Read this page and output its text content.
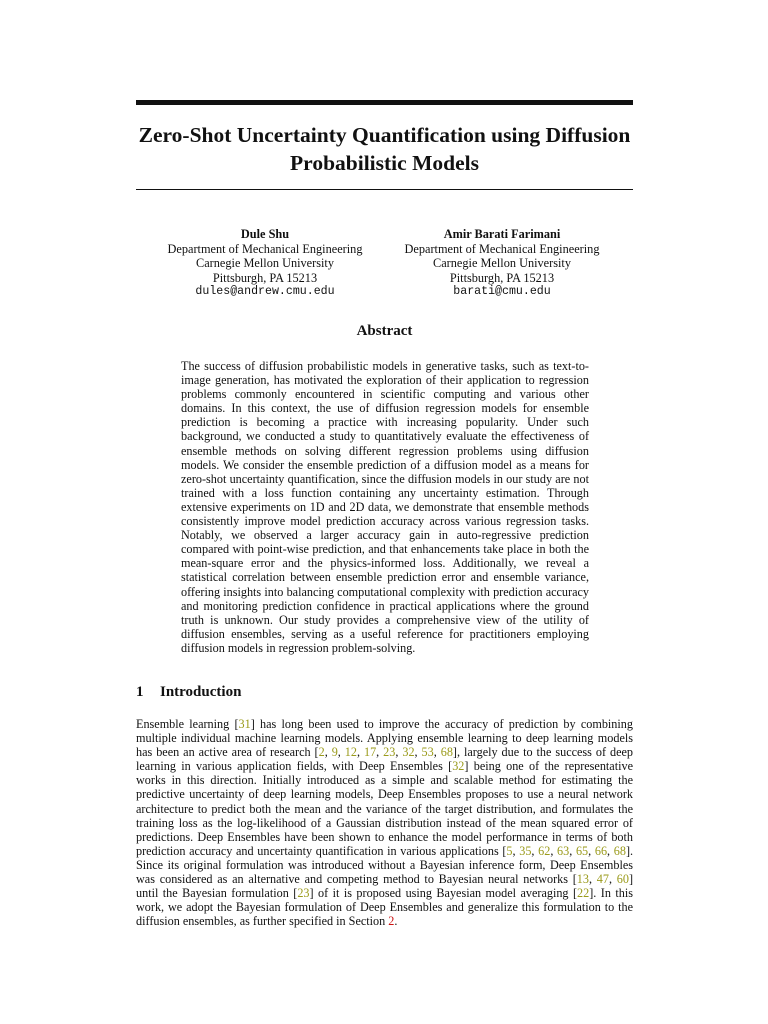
Zero-Shot Uncertainty Quantification using Diffusion Probabilistic Models
Dule Shu
Department of Mechanical Engineering
Carnegie Mellon University
Pittsburgh, PA 15213
dules@andrew.cmu.edu
Amir Barati Farimani
Department of Mechanical Engineering
Carnegie Mellon University
Pittsburgh, PA 15213
barati@cmu.edu
Abstract
The success of diffusion probabilistic models in generative tasks, such as text-to-image generation, has motivated the exploration of their application to regression problems commonly encountered in scientific computing and various other domains. In this context, the use of diffusion regression models for ensemble prediction is becoming a practice with increasing popularity. Under such background, we conducted a study to quantitatively evaluate the effectiveness of ensemble methods on solving different regression problems using diffusion models. We consider the ensemble prediction of a diffusion model as a means for zero-shot uncertainty quantification, since the diffusion models in our study are not trained with a loss function containing any uncertainty estimation. Through extensive experiments on 1D and 2D data, we demonstrate that ensemble methods consistently improve model prediction accuracy across various regression tasks. Notably, we observed a larger accuracy gain in auto-regressive prediction compared with point-wise prediction, and that enhancements take place in both the mean-square error and the physics-informed loss. Additionally, we reveal a statistical correlation between ensemble prediction error and ensemble variance, offering insights into balancing computational complexity with prediction accuracy and monitoring prediction confidence in practical applications where the ground truth is unknown. Our study provides a comprehensive view of the utility of diffusion ensembles, serving as a useful reference for practitioners employing diffusion models in regression problem-solving.
1 Introduction
Ensemble learning [31] has long been used to improve the accuracy of prediction by combining multiple individual machine learning models. Applying ensemble learning to deep learning models has been an active area of research [2, 9, 12, 17, 23, 32, 53, 68], largely due to the success of deep learning in various application fields, with Deep Ensembles [32] being one of the representative works in this direction. Initially introduced as a simple and scalable method for estimating the predictive uncertainty of deep learning models, Deep Ensembles proposes to use a neural network architecture to predict both the mean and the variance of the target distribution, and formulates the training loss as the log-likelihood of a Gaussian distribution instead of the mean squared error of predictions. Deep Ensembles have been shown to enhance the model performance in terms of both prediction accuracy and uncertainty quantification in various applications [5, 35, 62, 63, 65, 66, 68]. Since its original formulation was introduced without a Bayesian inference form, Deep Ensembles was considered as an alternative and competing method to Bayesian neural networks [13, 47, 60] until the Bayesian formulation [23] of it is proposed using Bayesian model averaging [22]. In this work, we adopt the Bayesian formulation of Deep Ensembles and generalize this formulation to the diffusion ensembles, as further specified in Section 2.
